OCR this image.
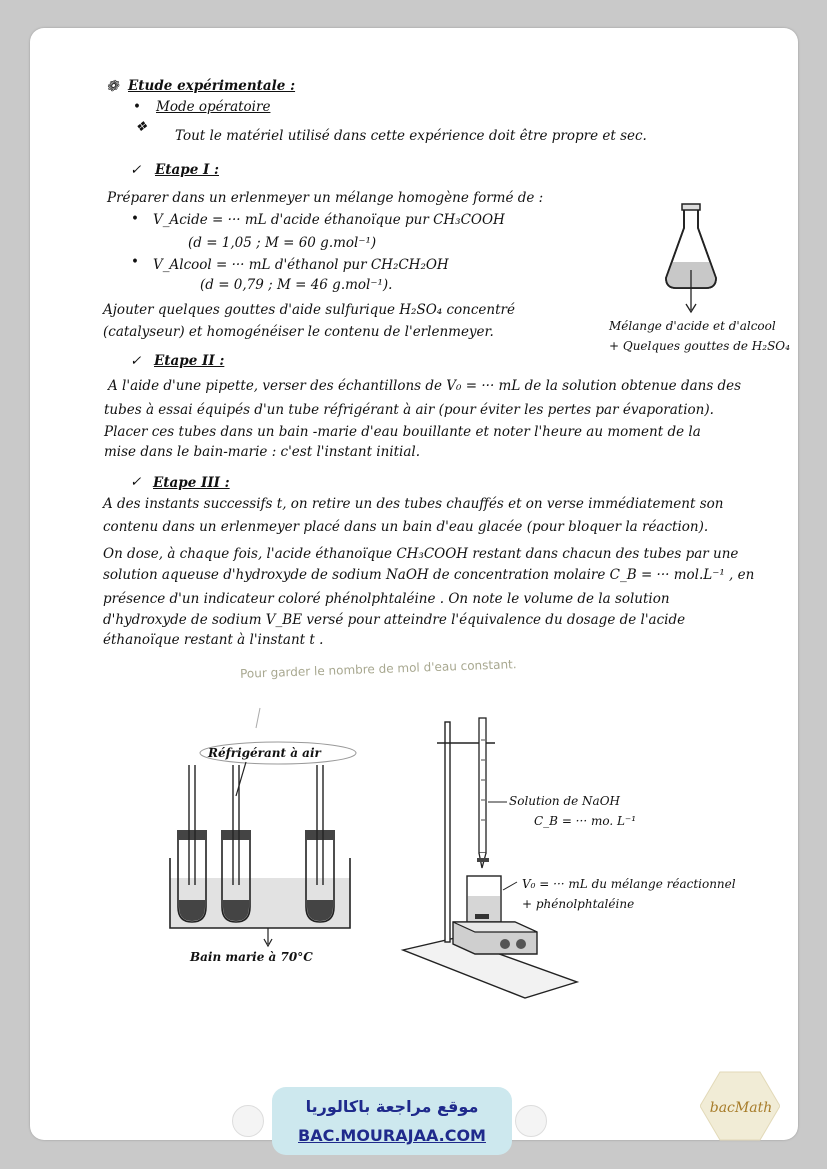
❁ Etude expérimentale :
• Mode opératoire
❖
Tout le matériel utilisé dans cette expérience doit être propre et sec.
✓ Etape I :
Préparer dans un erlenmeyer un mélange homogène formé de :
• V_Acide = ··· mL d'acide éthanoïque pur CH₃COOH
(d = 1,05 ; M = 60 g.mol⁻¹)
• V_Alcool = ··· mL d'éthanol pur CH₂CH₂OH
(d = 0,79 ; M = 46 g.mol⁻¹).
Ajouter quelques gouttes d'aide sulfurique H₂SO₄ concentré
(catalyseur) et homogénéiser le contenu de l'erlenmeyer.	Mélange d'acide et d'alcool
+ Quelques gouttes de H₂SO₄
✓ Etape II :
A l'aide d'une pipette, verser des échantillons de V₀ = ··· mL de la solution obtenue dans des
tubes à essai équipés d'un tube réfrigérant à air (pour éviter les pertes par évaporation).
Placer ces tubes dans un bain -marie d'eau bouillante et noter l'heure au moment de la
mise dans le bain-marie : c'est l'instant initial.
✓ Etape III :
A des instants successifs t, on retire un des tubes chauffés et on verse immédiatement son
contenu dans un erlenmeyer placé dans un bain d'eau glacée (pour bloquer la réaction).
On dose, à chaque fois, l'acide éthanoïque CH₃COOH restant dans chacun des tubes par une
solution aqueuse d'hydroxyde de sodium NaOH de concentration molaire C_B = ··· mol.L⁻¹ , en
présence d'un indicateur coloré phénolphtaléine . On note le volume de la solution
d'hydroxyde de sodium V_BE versé pour atteindre l'équivalence du dosage de l'acide
éthanoïque restant à l'instant t .
Pour garder le nombre de mol d'eau constant.
Réfrigérant à air
Bain marie à 70°C
Solution de NaOH
C_B = ··· mo. L⁻¹
V₀ = ··· mL du mélange réactionnel
+ phénolphtaléine
موقع مراجعة باكالوريا
BAC.MOURAJAA.COM
bacMath
